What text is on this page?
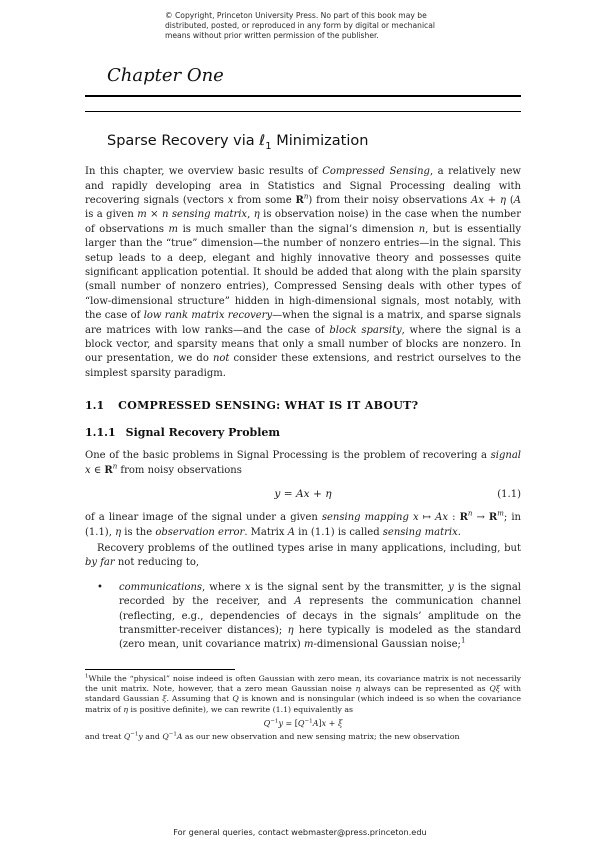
© Copyright, Princeton University Press. No part of this book may be
distributed, posted, or reproduced in any form by digital or mechanical
means without prior written permission of the publisher.
Chapter One
Sparse Recovery via ℓ$_1$ Minimization

In this chapter, we overview basic results of Compressed Sensing, a relatively new and rapidly developing area in Statistics and Signal Processing dealing with recovering signals (vectors x from some $R^n$) from their noisy observations Ax + η (A is a given m × n sensing matrix, η is observation noise) in the case when the number of observations m is much smaller than the signal’s dimension n, but is essentially larger than the “true” dimension—the number of nonzero entries—in the signal. This setup leads to a deep, elegant and highly innovative theory and possesses quite significant application potential. It should be added that along with the plain sparsity (small number of nonzero entries), Compressed Sensing deals with other types of “low-dimensional structure” hidden in high-dimensional signals, most notably, with the case of low rank matrix recovery—when the signal is a matrix, and sparse signals are matrices with low ranks—and the case of block sparsity, where the signal is a block vector, and sparsity means that only a small number of blocks are nonzero. In our presentation, we do not consider these extensions, and restrict ourselves to the simplest sparsity paradigm.

1.1 COMPRESSED SENSING: WHAT IS IT ABOUT?
1.1.1 Signal Recovery Problem

One of the basic problems in Signal Processing is the problem of recovering a signal x ∈ $R^n$ from noisy observations

y = Ax + η	(1.1)

of a linear image of the signal under a given sensing mapping x ↦ Ax : $R^n \to R^m$; in (1.1), η is the observation error. Matrix A in (1.1) is called sensing matrix.

Recovery problems of the outlined types arise in many applications, including, but by far not reducing to,

•	communications, where x is the signal sent by the transmitter, y is the signal recorded by the receiver, and A represents the communication channel (reflecting, e.g., dependencies of decays in the signals’ amplitude on the transmitter-receiver distances); η here typically is modeled as the standard (zero mean, unit covariance matrix) m-dimensional Gaussian noise;$^1$

$^1$While the “physical” noise indeed is often Gaussian with zero mean, its covariance matrix is not necessarily the unit matrix. Note, however, that a zero mean Gaussian noise η always can be represented as Qξ with standard Gaussian ξ. Assuming that Q is known and is nonsingular (which indeed is so when the covariance matrix of η is positive definite), we can rewrite (1.1) equivalently as

$Q^{-1}y = [Q^{-1}A]x + \xi$

and treat $Q^{-1}y$ and $Q^{-1}A$ as our new observation and new sensing matrix; the new observation

For general queries, contact webmaster@press.princeton.edu
